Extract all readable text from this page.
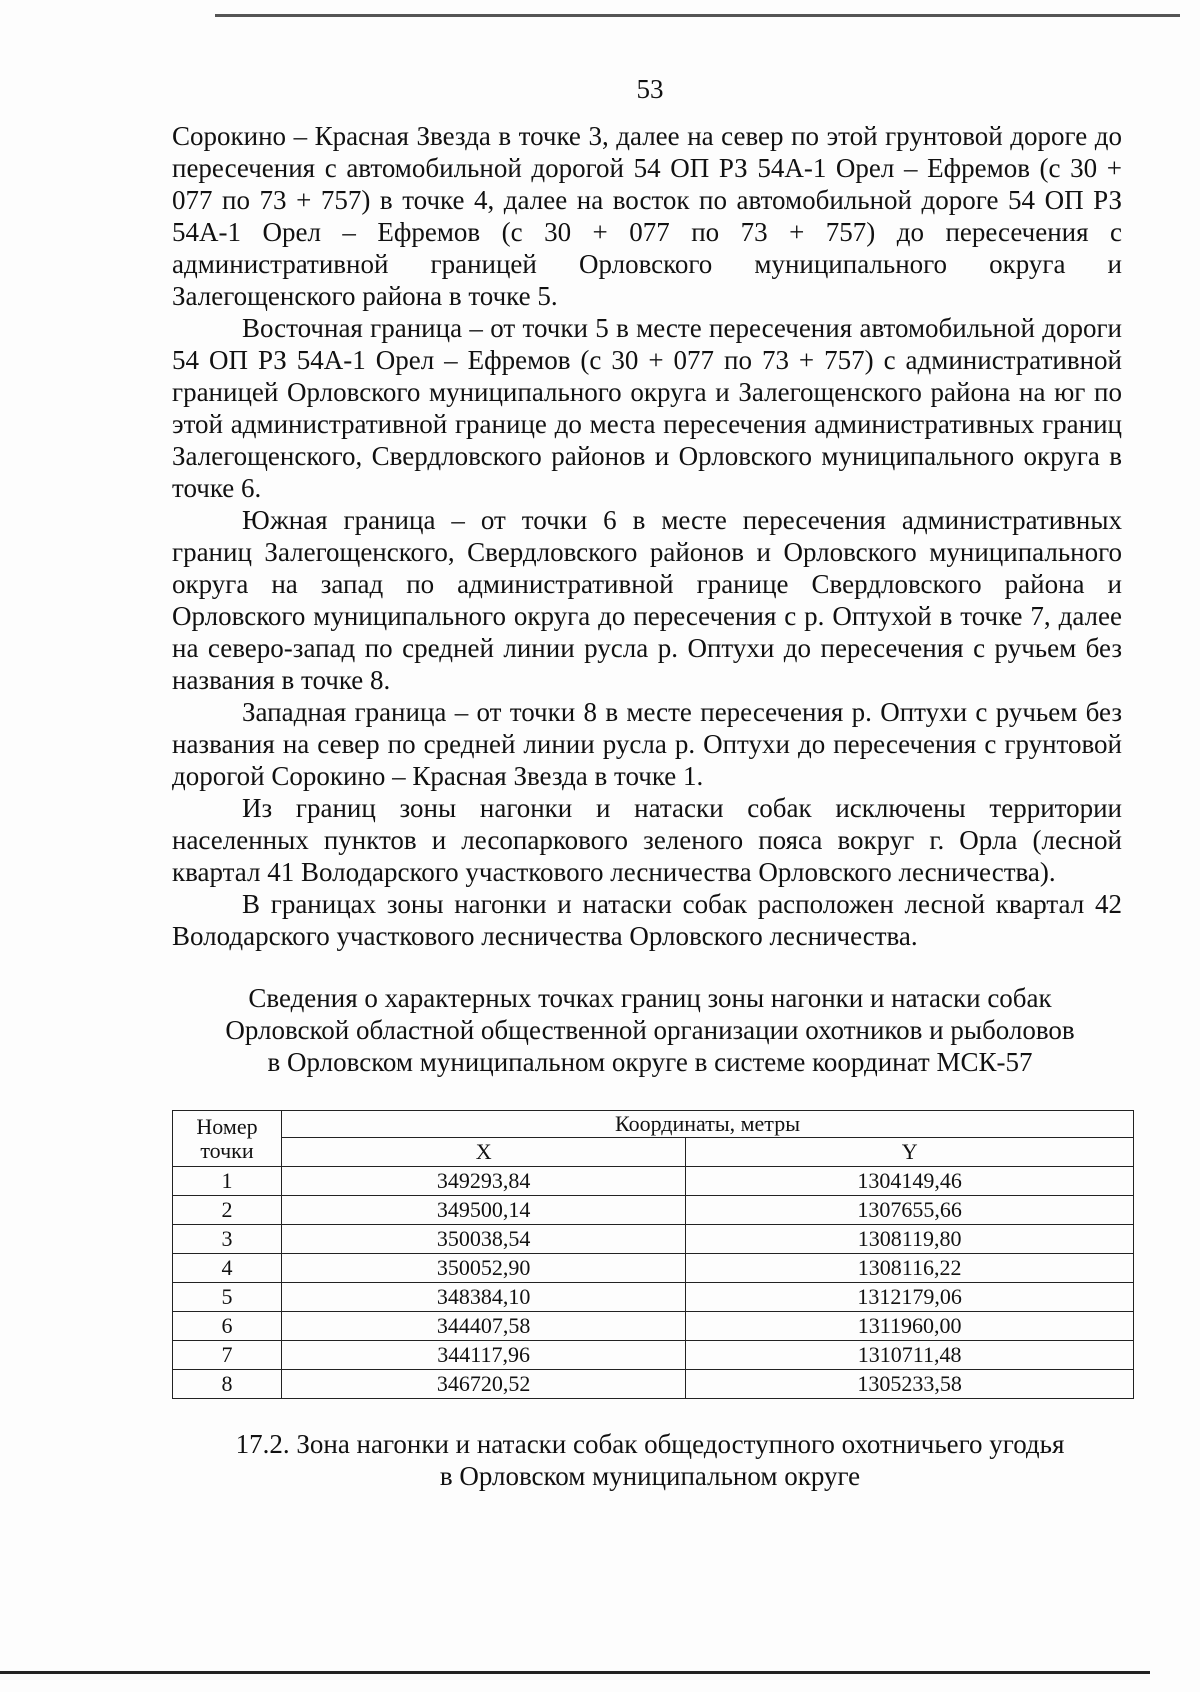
53

Сорокино – Красная Звезда в точке 3, далее на север по этой грунтовой дороге до пересечения с автомобильной дорогой 54 ОП РЗ 54А-1 Орел – Ефремов (с 30 + 077 по 73 + 757) в точке 4, далее на восток по автомобильной дороге 54 ОП РЗ 54А-1 Орел – Ефремов (с 30 + 077 по 73 + 757) до пересечения с административной границей Орловского муниципального округа и Залегощенского района в точке 5.

Восточная граница – от точки 5 в месте пересечения автомобильной дороги 54 ОП РЗ 54А-1 Орел – Ефремов (с 30 + 077 по 73 + 757) с административной границей Орловского муниципального округа и Залегощенского района на юг по этой административной границе до места пересечения административных границ Залегощенского, Свердловского районов и Орловского муниципального округа в точке 6.

Южная граница – от точки 6 в месте пересечения административных границ Залегощенского, Свердловского районов и Орловского муниципального округа на запад по административной границе Свердловского района и Орловского муниципального округа до пересечения с р. Оптухой в точке 7, далее на северо-запад по средней линии русла р. Оптухи до пересечения с ручьем без названия в точке 8.

Западная граница – от точки 8 в месте пересечения р. Оптухи с ручьем без названия на север по средней линии русла р. Оптухи до пересечения с грунтовой дорогой Сорокино – Красная Звезда в точке 1.

Из границ зоны нагонки и натаски собак исключены территории населенных пунктов и лесопаркового зеленого пояса вокруг г. Орла (лесной квартал 41 Володарского участкового лесничества Орловского лесничества).

В границах зоны нагонки и натаски собак расположен лесной квартал 42 Володарского участкового лесничества Орловского лесничества.

Сведения о характерных точках границ зоны нагонки и натаски собак
Орловской областной общественной организации охотников и рыболовов
в Орловском муниципальном округе в системе координат МСК-57
Номер
точки	Координаты, метры	
	X	Y
1	349293,84	1304149,46
2	349500,14	1307655,66
3	350038,54	1308119,80
4	350052,90	1308116,22
5	348384,10	1312179,06
6	344407,58	1311960,00
7	344117,96	1310711,48
8	346720,52	1305233,58
17.2. Зона нагонки и натаски собак общедоступного охотничьего угодья
в Орловском муниципальном округе
